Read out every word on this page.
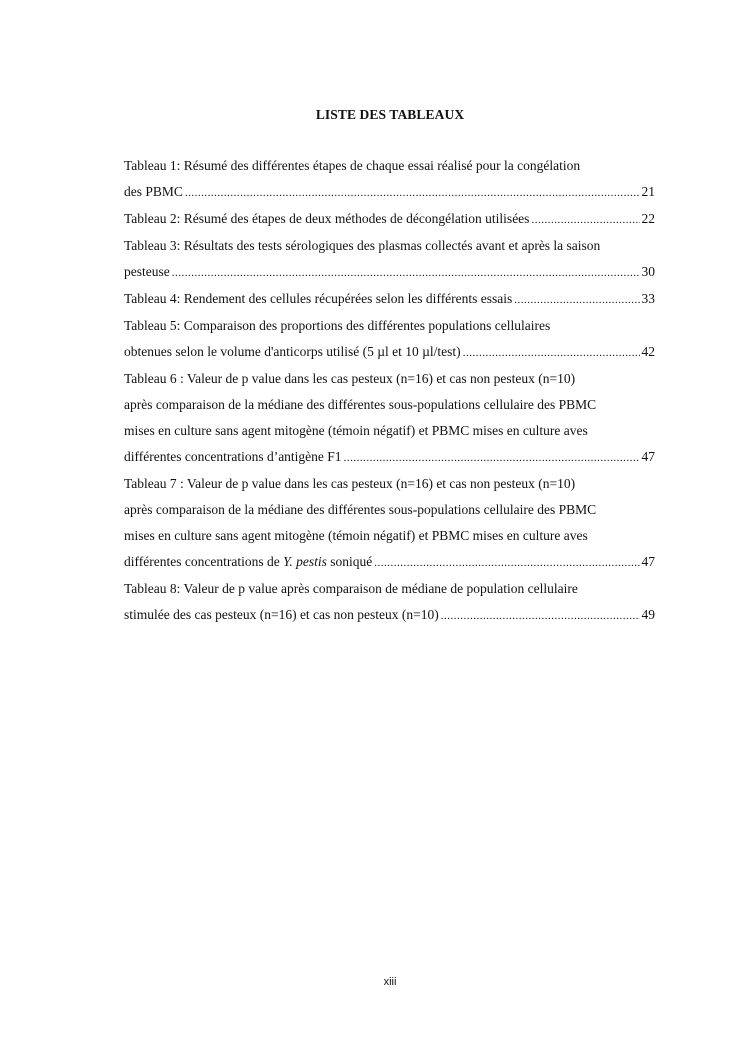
LISTE DES TABLEAUX
Tableau 1: Résumé des différentes étapes de chaque essai réalisé pour la congélation
des PBMC .....	21
Tableau 2: Résumé des étapes de deux méthodes de décongélation utilisées .....	22
Tableau 3: Résultats des tests sérologiques des plasmas collectés avant et après la saison
pesteuse .....	30
Tableau 4: Rendement des cellules récupérées selon les différents essais .....	33
Tableau 5: Comparaison des proportions des différentes populations cellulaires
obtenues selon le volume d'anticorps utilisé (5 µl et 10 µl/test) .....	42
Tableau 6 : Valeur de p value dans les cas pesteux (n=16) et cas non pesteux (n=10)
après comparaison de la médiane des différentes sous-populations cellulaire des PBMC
mises en culture sans agent mitogène (témoin négatif) et PBMC mises en culture aves
différentes concentrations d’antigène F1 .....	47
Tableau 7 : Valeur de p value dans les cas pesteux (n=16) et cas non pesteux (n=10)
après comparaison de la médiane des différentes sous-populations cellulaire des PBMC
mises en culture sans agent mitogène (témoin négatif) et PBMC mises en culture aves
différentes concentrations de Y. pestis soniqué .....	47
Tableau 8: Valeur de p value après comparaison de médiane de population cellulaire
stimulée des cas pesteux (n=16) et cas non pesteux (n=10) .....	49
xiii
